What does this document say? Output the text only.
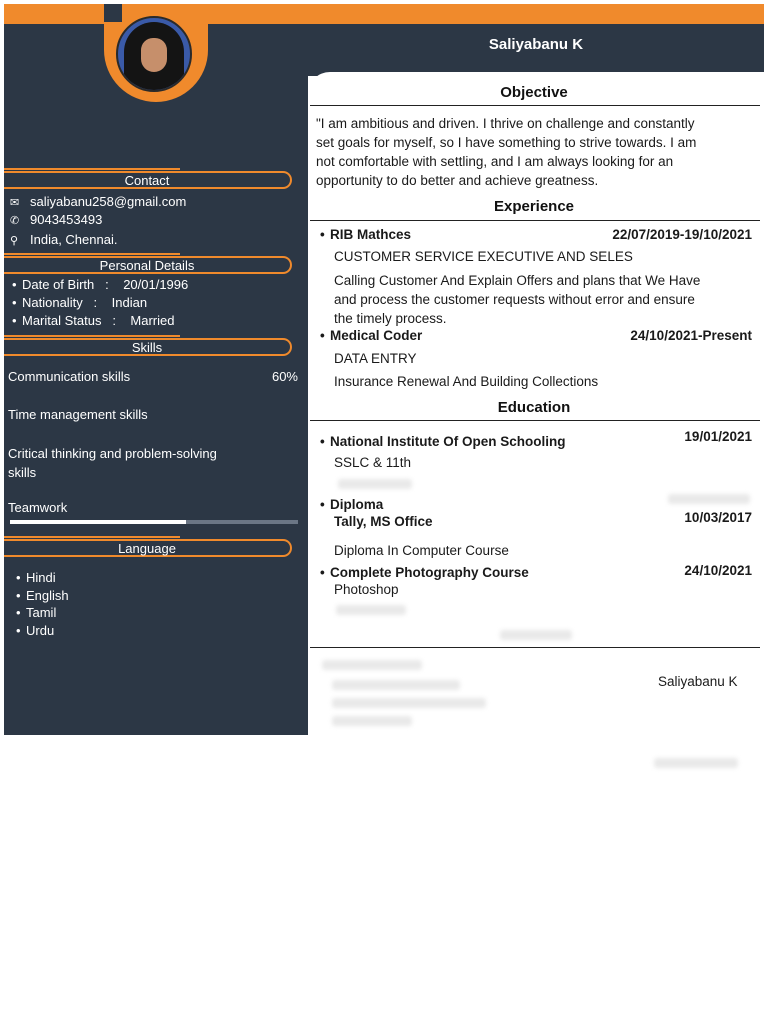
Saliyabanu K
Contact
✉ saliyabanu258@gmail.com
✆ 9043453493
⚲ India, Chennai.
Personal Details
• Date of Birth : 20/01/1996
• Nationality : Indian
• Marital Status : Married
Skills
Communication skills	60%
Time management skills
Critical thinking and problem-solving
skills
Teamwork
Language
• Hindi
• English
• Tamil
• Urdu
Objective
"I am ambitious and driven. I thrive on challenge and constantly
set goals for myself, so I have something to strive towards. I am
not comfortable with settling, and I am always looking for an
opportunity to do better and achieve greatness.
Experience
• RIB Mathces	22/07/2019-19/10/2021
CUSTOMER SERVICE EXECUTIVE AND SELES
Calling Customer And Explain Offers and plans that We Have
and process the customer requests without error and ensure
the timely process.
• Medical Coder	24/10/2021-Present
DATA ENTRY
Insurance Renewal And Building Collections
Education
• National Institute Of Open Schooling	19/01/2021
SSLC & 11th
• Diploma
Tally, MS Office	10/03/2017
Diploma In Computer Course
• Complete Photography Course	24/10/2021
Photoshop
Saliyabanu K
